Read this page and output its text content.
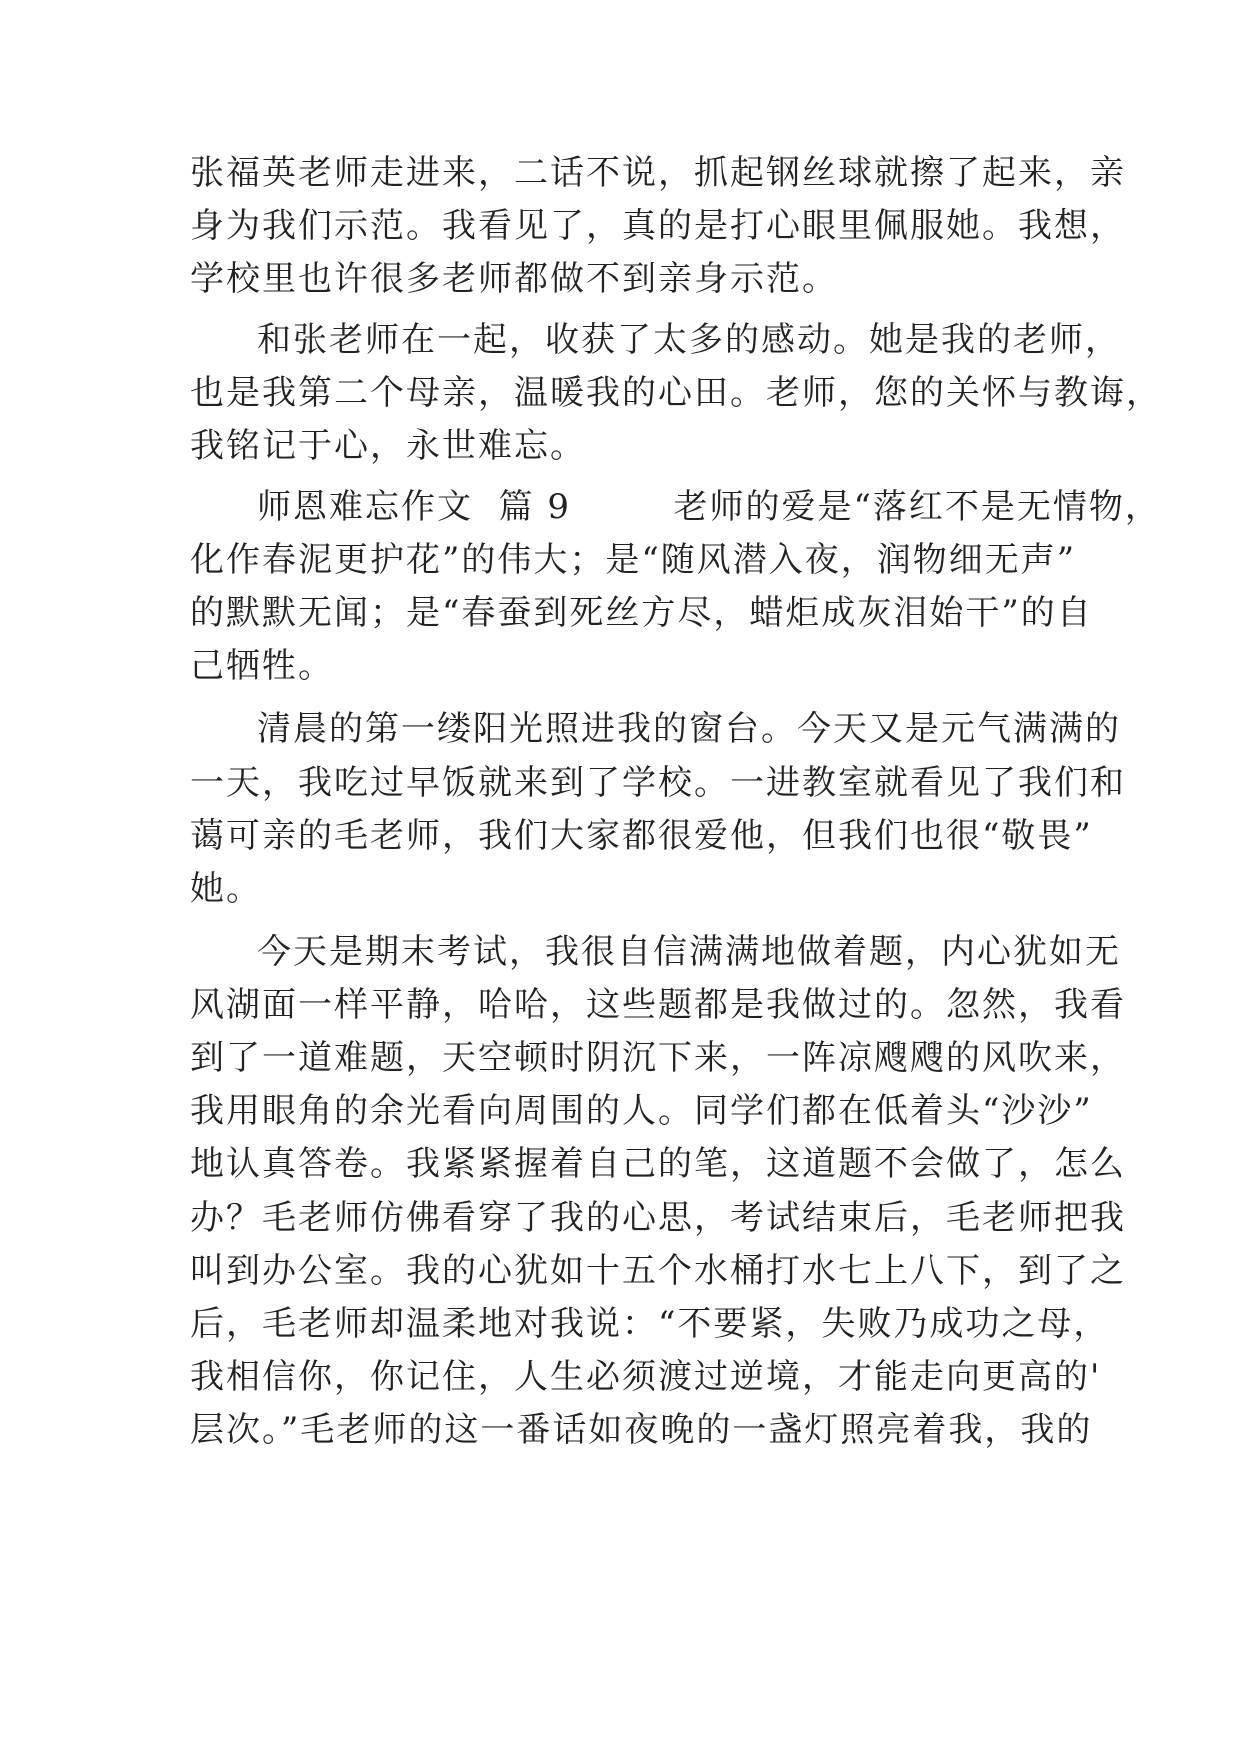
张福英老师走进来，二话不说，抓起钢丝球就擦了起来，亲
身为我们示范。我看见了，真的是打心眼里佩服她。我想，
学校里也许很多老师都做不到亲身示范。
和张老师在一起，收获了太多的感动。她是我的老师，
也是我第二个母亲，温暖我的心田。老师，您的关怀与教诲，
我铭记于心，永世难忘。
师恩难忘作文  篇 9        老师的爱是“落红不是无情物，
化作春泥更护花”的伟大；是“随风潜入夜，润物细无声”
的默默无闻；是“春蚕到死丝方尽，蜡炬成灰泪始干”的自
己牺牲。
清晨的第一缕阳光照进我的窗台。今天又是元气满满的
一天，我吃过早饭就来到了学校。一进教室就看见了我们和
蔼可亲的毛老师，我们大家都很爱他，但我们也很“敬畏”
她。
今天是期末考试，我很自信满满地做着题，内心犹如无
风湖面一样平静，哈哈，这些题都是我做过的。忽然，我看
到了一道难题，天空顿时阴沉下来，一阵凉飕飕的风吹来，
我用眼角的余光看向周围的人。同学们都在低着头“沙沙”
地认真答卷。我紧紧握着自己的笔，这道题不会做了，怎么
办？毛老师仿佛看穿了我的心思，考试结束后，毛老师把我
叫到办公室。我的心犹如十五个水桶打水七上八下，到了之
后，毛老师却温柔地对我说：“不要紧，失败乃成功之母，
我相信你，你记住，人生必须渡过逆境，才能走向更高的'
层次。”毛老师的这一番话如夜晚的一盏灯照亮着我，我的
